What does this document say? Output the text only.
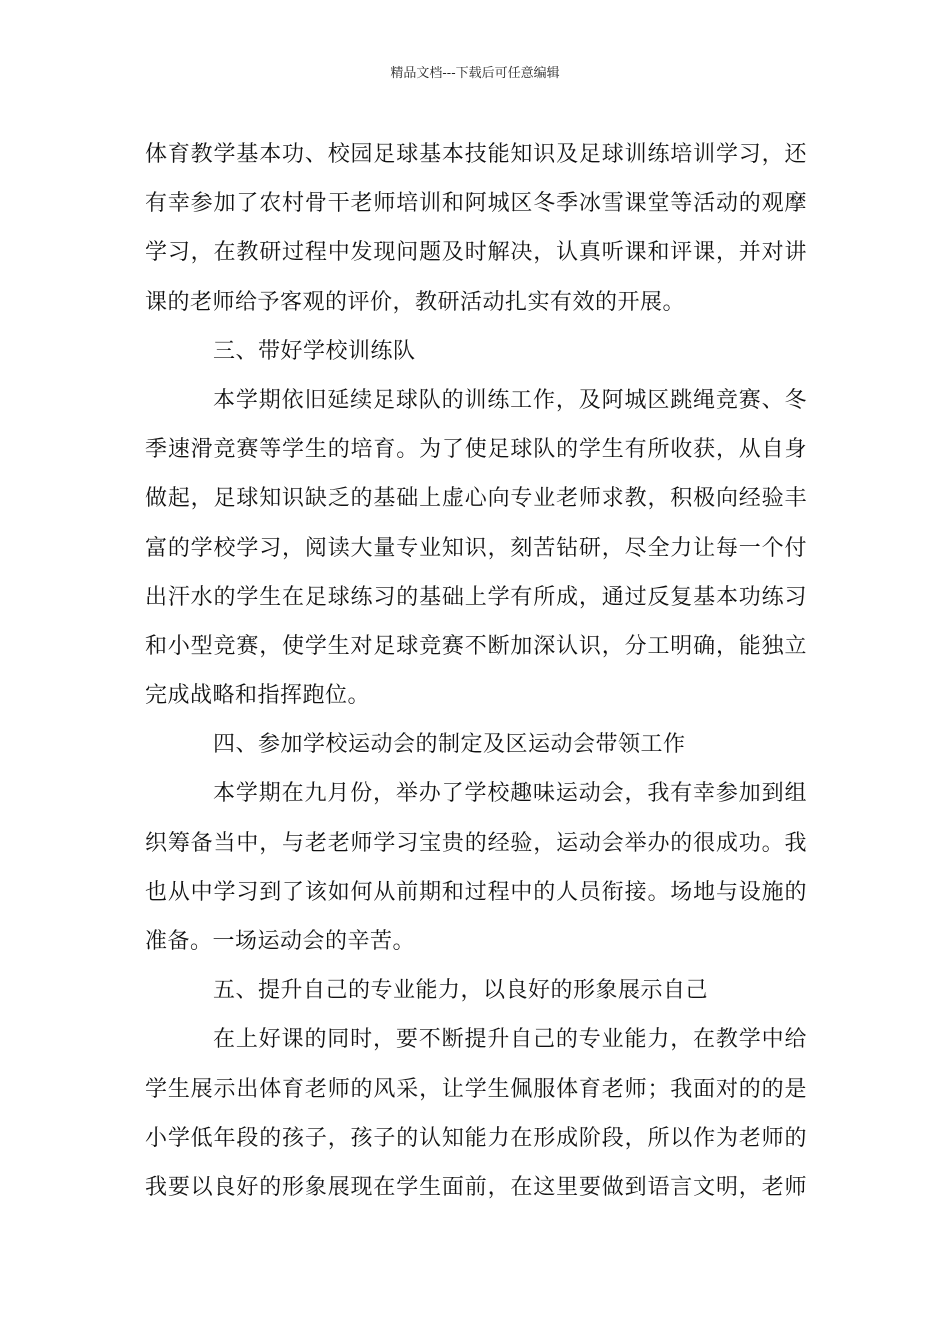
精品文档---下载后可任意编辑
体育教学基本功、校园足球基本技能知识及足球训练培训学习，还
有幸参加了农村骨干老师培训和阿城区冬季冰雪课堂等活动的观摩
学习，在教研过程中发现问题及时解决，认真听课和评课，并对讲
课的老师给予客观的评价，教研活动扎实有效的开展。
三、带好学校训练队
本学期依旧延续足球队的训练工作，及阿城区跳绳竞赛、冬
季速滑竞赛等学生的培育。为了使足球队的学生有所收获，从自身
做起，足球知识缺乏的基础上虚心向专业老师求教，积极向经验丰
富的学校学习，阅读大量专业知识，刻苦钻研，尽全力让每一个付
出汗水的学生在足球练习的基础上学有所成，通过反复基本功练习
和小型竞赛，使学生对足球竞赛不断加深认识，分工明确，能独立
完成战略和指挥跑位。
四、参加学校运动会的制定及区运动会带领工作
本学期在九月份，举办了学校趣味运动会，我有幸参加到组
织筹备当中，与老老师学习宝贵的经验，运动会举办的很成功。我
也从中学习到了该如何从前期和过程中的人员衔接。场地与设施的
准备。一场运动会的辛苦。
五、提升自己的专业能力，以良好的形象展示自己
在上好课的同时，要不断提升自己的专业能力，在教学中给
学生展示出体育老师的风采，让学生佩服体育老师；我面对的的是
小学低年段的孩子，孩子的认知能力在形成阶段，所以作为老师的
我要以良好的形象展现在学生面前，在这里要做到语言文明，老师
